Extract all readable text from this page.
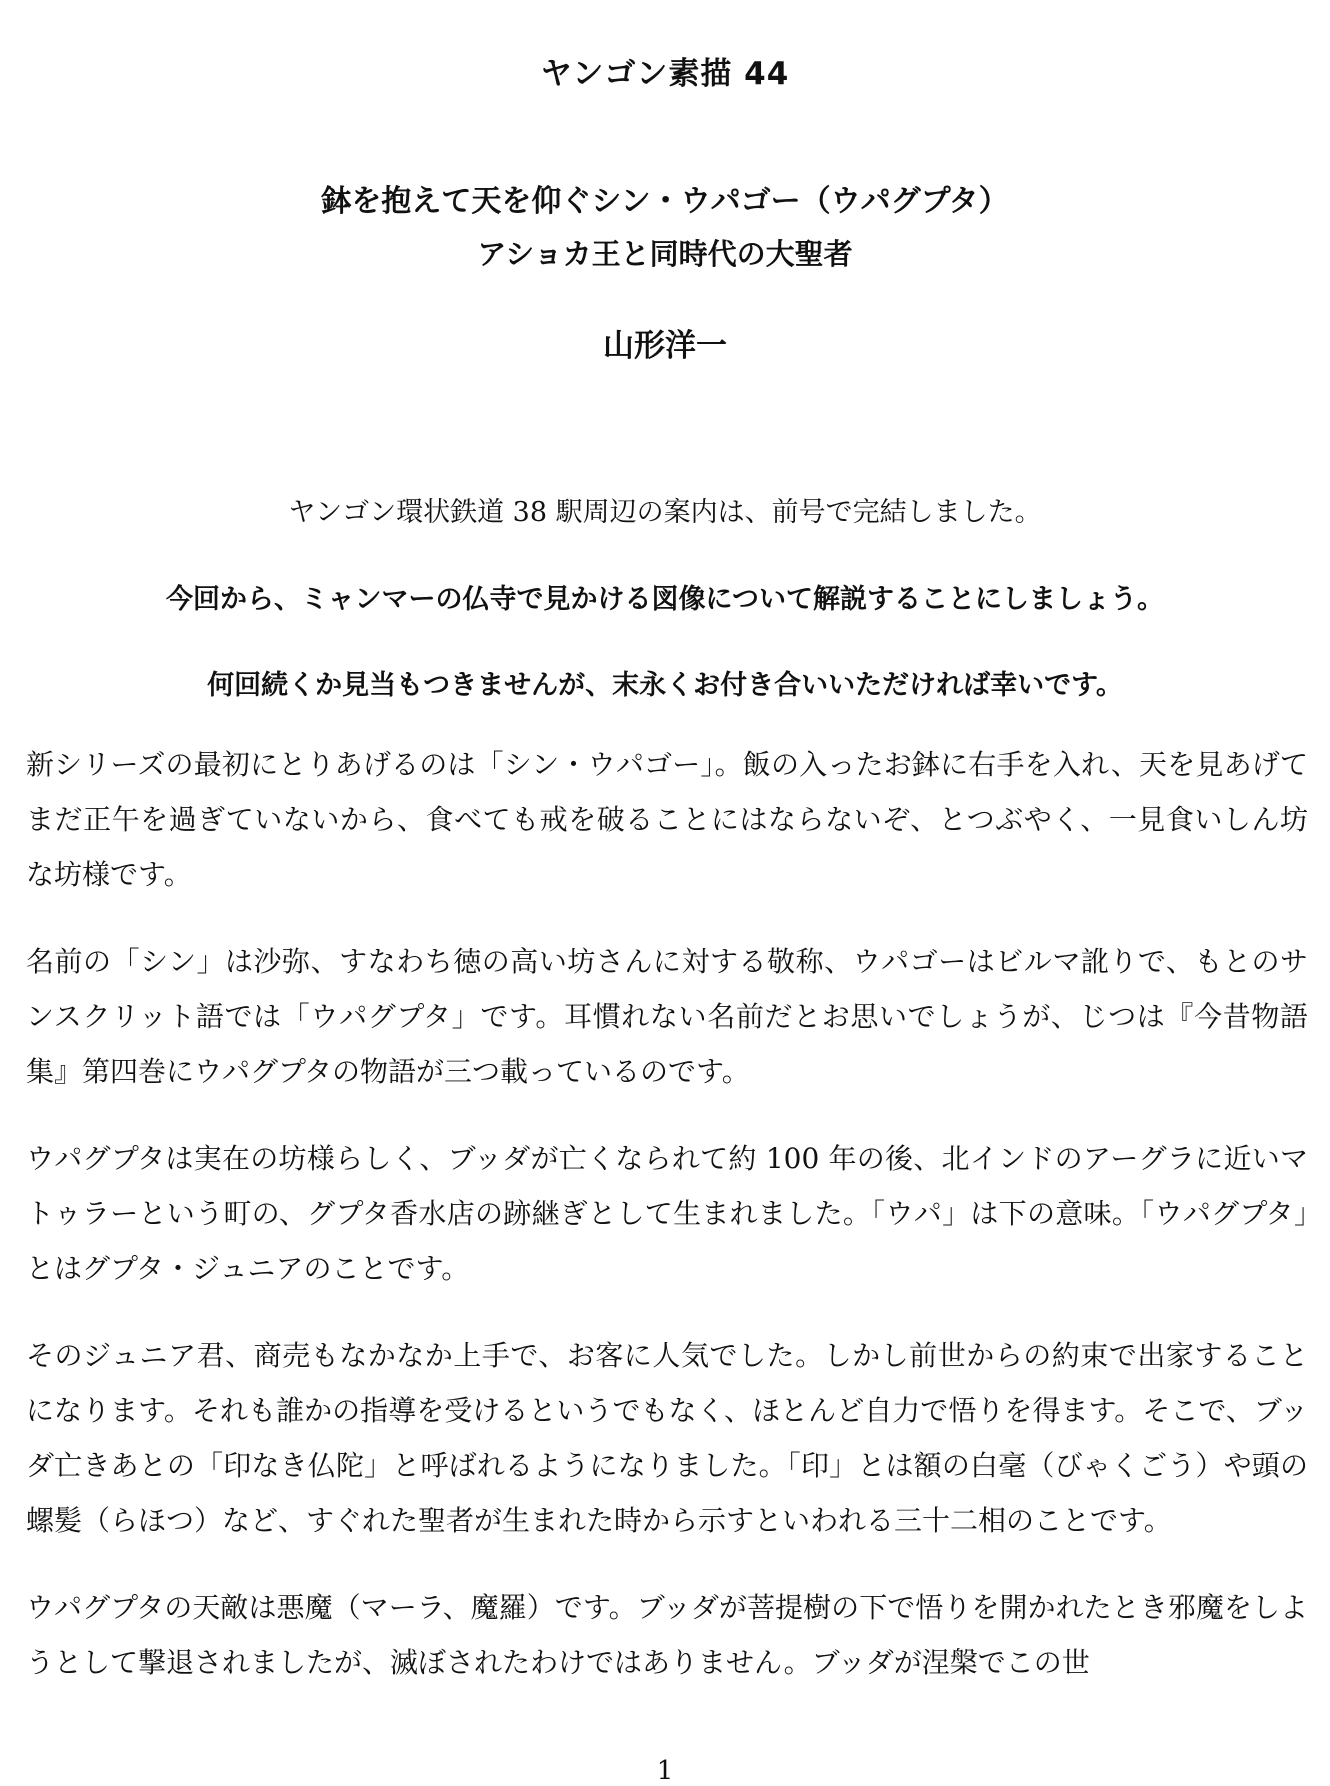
ヤンゴン素描 44
鉢を抱えて天を仰ぐシン・ウパゴー（ウパグプタ）
アショカ王と同時代の大聖者
山形洋一

ヤンゴン環状鉄道 38 駅周辺の案内は、前号で完結しました。

今回から、ミャンマーの仏寺で見かける図像について解説することにしましょう。

何回続くか見当もつきませんが、末永くお付き合いいただければ幸いです。

新シリーズの最初にとりあげるのは「シン・ウパゴー」。飯の入ったお鉢に右手を入れ、天を見あげてまだ正午を過ぎていないから、食べても戒を破ることにはならないぞ、とつぶやく、一見食いしん坊な坊様です。

名前の「シン」は沙弥、すなわち徳の高い坊さんに対する敬称、ウパゴーはビルマ訛りで、もとのサンスクリット語では「ウパグプタ」です。耳慣れない名前だとお思いでしょうが、じつは『今昔物語集』第四巻にウパグプタの物語が三つ載っているのです。

ウパグプタは実在の坊様らしく、ブッダが亡くなられて約 100 年の後、北インドのアーグラに近いマトゥラーという町の、グプタ香水店の跡継ぎとして生まれました。「ウパ」は下の意味。「ウパグプタ」とはグプタ・ジュニアのことです。

そのジュニア君、商売もなかなか上手で、お客に人気でした。しかし前世からの約束で出家することになります。それも誰かの指導を受けるというでもなく、ほとんど自力で悟りを得ます。そこで、ブッダ亡きあとの「印なき仏陀」と呼ばれるようになりました。「印」とは額の白毫（びゃくごう）や頭の螺髪（らほつ）など、すぐれた聖者が生まれた時から示すといわれる三十二相のことです。

ウパグプタの天敵は悪魔（マーラ、魔羅）です。ブッダが菩提樹の下で悟りを開かれたとき邪魔をしようとして撃退されましたが、滅ぼされたわけではありません。ブッダが涅槃でこの世

1
